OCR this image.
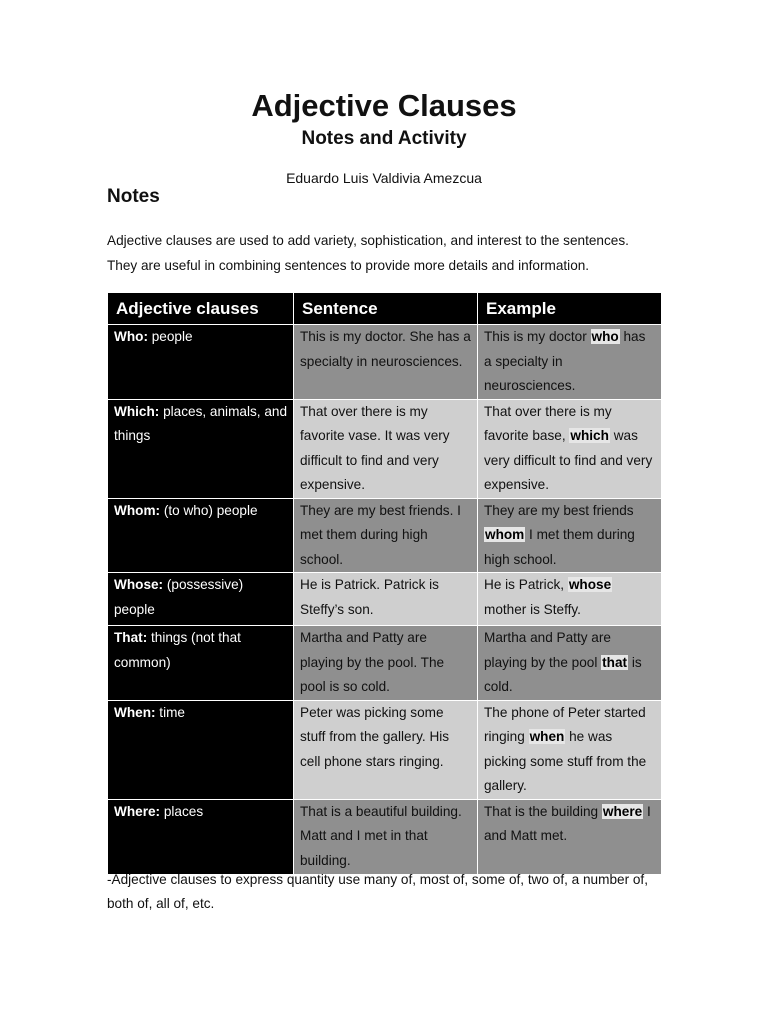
Adjective Clauses
Notes and Activity

Eduardo Luis Valdivia Amezcua

Notes

Adjective clauses are used to add variety, sophistication, and interest to the sentences.

They are useful in combining sentences to provide more details and information.

Adjective clauses	Sentence	Example
Who: people	This is my doctor. She has a specialty in neurosciences.	This is my doctor who has a specialty in neurosciences.
Which: places, animals, and things	That over there is my favorite vase. It was very difficult to find and very expensive.	That over there is my favorite base, which was very difficult to find and very expensive.
Whom: (to who) people	They are my best friends. I met them during high school.	They are my best friends whom I met them during high school.
Whose: (possessive) people	He is Patrick. Patrick is Steffy’s son.	He is Patrick, whose mother is Steffy.
That: things (not that common)	Martha and Patty are playing by the pool. The pool is so cold.	Martha and Patty are playing by the pool that is cold.
When: time	Peter was picking some stuff from the gallery. His cell phone stars ringing.	The phone of Peter started ringing when he was picking some stuff from the gallery.
Where: places	That is a beautiful building. Matt and I met in that building.	That is the building where I and Matt met.

-Adjective clauses to express quantity use many of, most of, some of, two of, a number of, both of, all of, etc.
